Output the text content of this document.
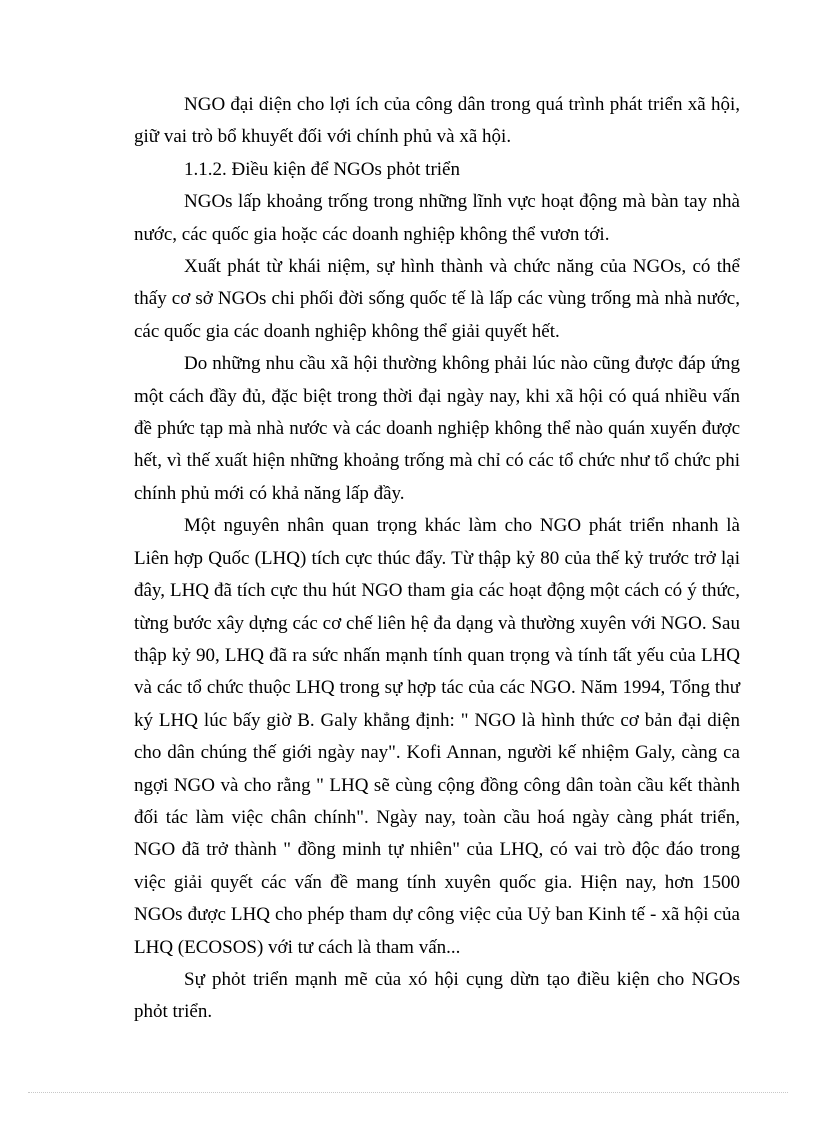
NGO đại diện cho lợi ích của công dân trong quá trình phát triển xã hội, giữ vai trò bổ khuyết đối với chính phủ và xã hội.

1.1.2. Điều kiện để NGOs phỏt triển

NGOs lấp khoảng trống trong những lĩnh vực hoạt động mà bàn tay nhà nước, các quốc gia hoặc các doanh nghiệp không thể vươn tới.

Xuất phát từ khái niệm, sự hình thành và chức năng của NGOs, có thể thấy cơ sở NGOs chi phối đời sống quốc tế là lấp các vùng trống mà nhà nước, các quốc gia các doanh nghiệp không thể giải quyết hết.

Do những nhu cầu xã hội thường không phải lúc nào cũng được đáp ứng một cách đầy đủ, đặc biệt trong thời đại ngày nay, khi xã hội có quá nhiều vấn đề phức tạp mà nhà nước và các doanh nghiệp không thể nào quán xuyến được hết, vì thế xuất hiện những khoảng trống mà chỉ có các tổ chức như tổ chức phi chính phủ mới có khả năng lấp đầy.

Một nguyên nhân quan trọng khác làm cho NGO phát triển nhanh là Liên hợp Quốc (LHQ) tích cực thúc đẩy. Từ thập kỷ 80 của thế kỷ trước trở lại đây, LHQ đã tích cực thu hút NGO tham gia các hoạt động một cách có ý thức, từng bước xây dựng các cơ chế liên hệ đa dạng và thường xuyên với NGO. Sau thập kỷ 90, LHQ đã ra sức nhấn mạnh tính quan trọng và tính tất yếu của LHQ và các tổ chức thuộc LHQ trong sự hợp tác của các NGO. Năm 1994, Tổng thư ký LHQ lúc bấy giờ B. Galy khẳng định: " NGO là hình thức cơ bản đại diện cho dân chúng thế giới ngày nay". Kofi Annan, người kế nhiệm Galy, càng ca ngợi NGO và cho rằng " LHQ sẽ cùng cộng đồng công dân toàn cầu kết thành đối tác làm việc chân chính". Ngày nay, toàn cầu hoá ngày càng phát triển, NGO đã trở thành " đồng minh tự nhiên" của LHQ, có vai trò độc đáo trong việc giải quyết các vấn đề mang tính xuyên quốc gia. Hiện nay, hơn 1500 NGOs được LHQ cho phép tham dự công việc của Uỷ ban Kinh tế - xã hội của LHQ (ECOSOS) với tư cách là tham vấn...

Sự phỏt triển mạnh mẽ của xó hội cụng dừn tạo điều kiện cho NGOs phỏt triển.
